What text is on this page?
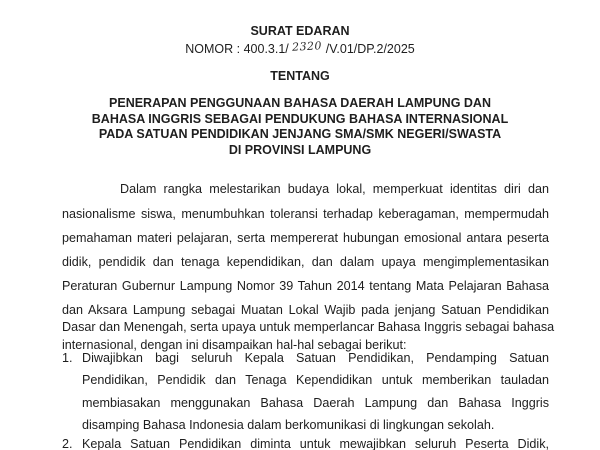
SURAT EDARAN
NOMOR : 400.3.1/ 2320 /V.01/DP.2/2025
TENTANG
PENERAPAN PENGGUNAAN BAHASA DAERAH LAMPUNG DAN
BAHASA INGGRIS SEBAGAI PENDUKUNG BAHASA INTERNASIONAL
PADA SATUAN PENDIDIKAN JENJANG SMA/SMK NEGERI/SWASTA
DI PROVINSI LAMPUNG
Dalam rangka melestarikan budaya lokal, memperkuat identitas diri dan
nasionalisme siswa, menumbuhkan toleransi terhadap keberagaman, mempermudah
pemahaman materi pelajaran, serta mempererat hubungan emosional antara peserta
didik, pendidik dan tenaga kependidikan, dan dalam upaya mengimplementasikan
Peraturan Gubernur Lampung Nomor 39 Tahun 2014 tentang Mata Pelajaran Bahasa
dan Aksara Lampung sebagai Muatan Lokal Wajib pada jenjang Satuan Pendidikan
Dasar dan Menengah, serta upaya untuk memperlancar Bahasa Inggris sebagai bahasa
internasional, dengan ini disampaikan hal-hal sebagai berikut:
1. Diwajibkan bagi seluruh Kepala Satuan Pendidikan, Pendamping Satuan
Pendidikan, Pendidik dan Tenaga Kependidikan untuk memberikan tauladan
membiasakan menggunakan Bahasa Daerah Lampung dan Bahasa Inggris
disamping Bahasa Indonesia dalam berkomunikasi di lingkungan sekolah.
2. Kepala Satuan Pendidikan diminta untuk mewajibkan seluruh Peserta Didik,
